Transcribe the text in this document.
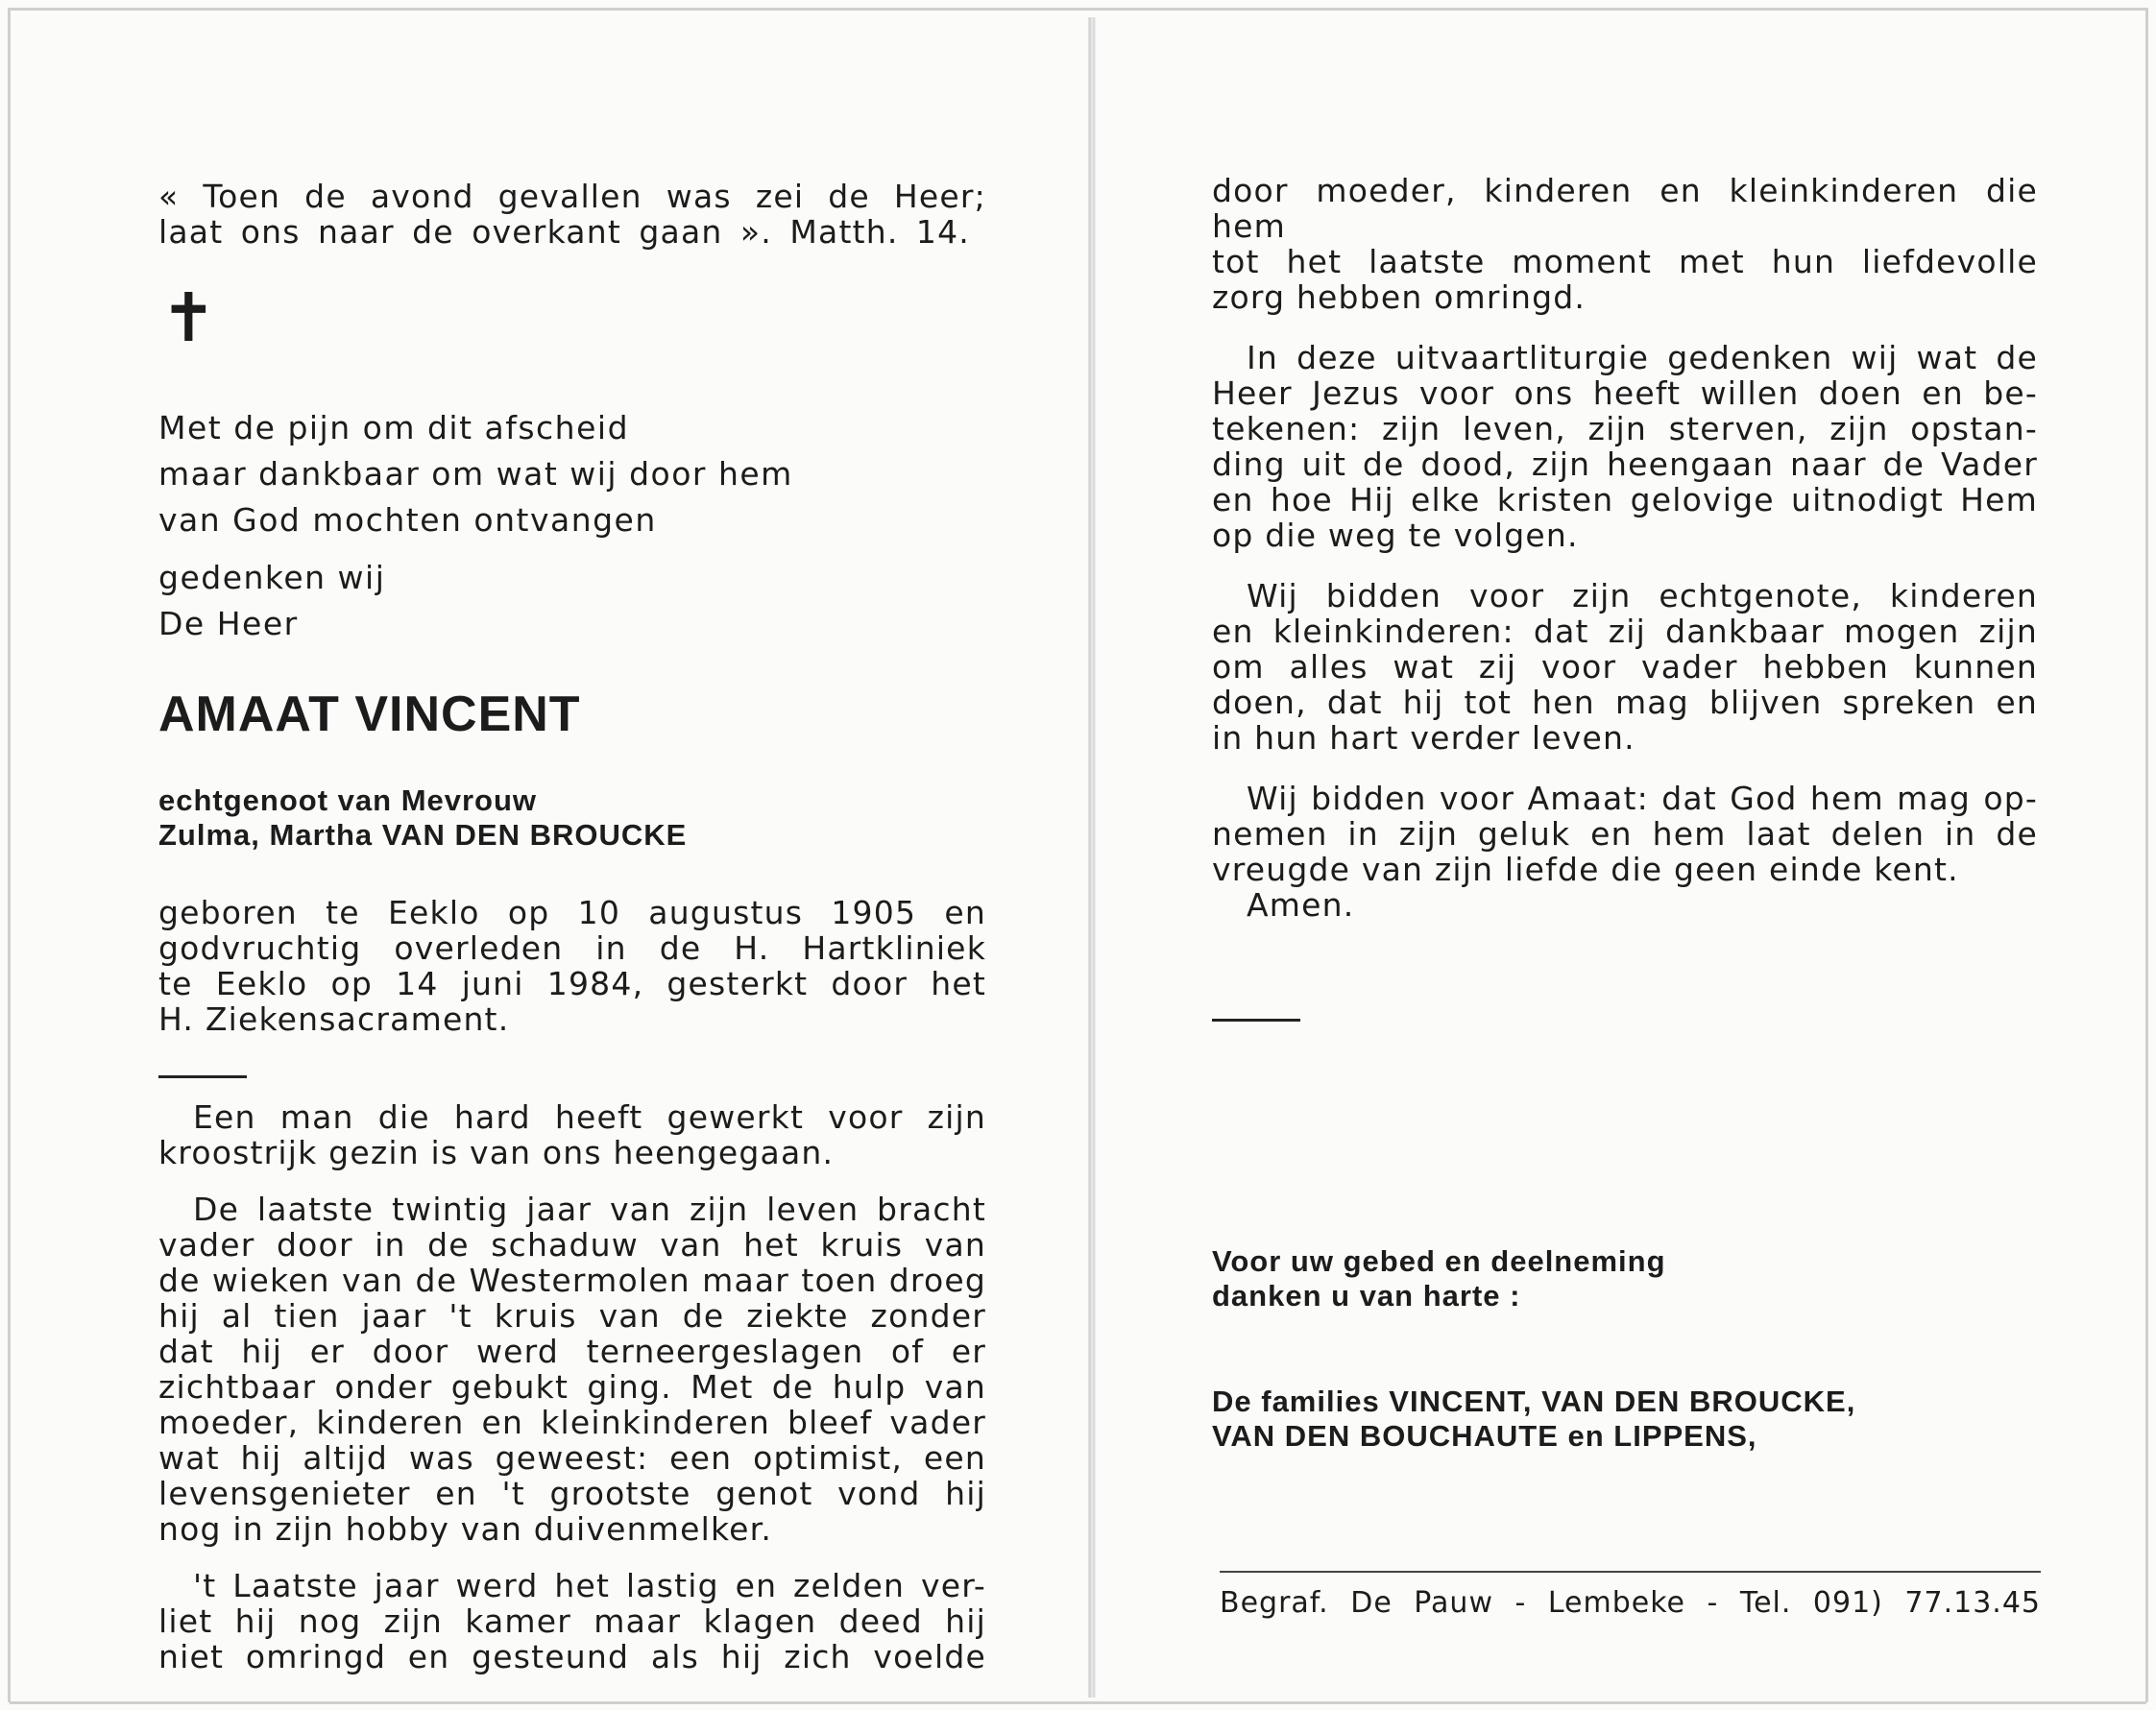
« Toen de avond gevallen was zei de Heer;

laat ons naar de overkant gaan ». Matth. 14.

✝

Met de pijn om dit afscheid

maar dankbaar om wat wij door hem

van God mochten ontvangen

gedenken wij

De Heer

AMAAT VINCENT
echtgenoot van Mevrouw
Zulma, Martha VAN DEN BROUCKE

geboren te Eeklo op 10 augustus 1905 en

godvruchtig overleden in de H. Hartkliniek

te Eeklo op 14 juni 1984, gesterkt door het

H. Ziekensacrament.

Een man die hard heeft gewerkt voor zijn

kroostrijk gezin is van ons heengegaan.

De laatste twintig jaar van zijn leven bracht

vader door in de schaduw van het kruis van

de wieken van de Westermolen maar toen droeg

hij al tien jaar 't kruis van de ziekte zonder

dat hij er door werd terneergeslagen of er

zichtbaar onder gebukt ging. Met de hulp van

moeder, kinderen en kleinkinderen bleef vader

wat hij altijd was geweest: een optimist, een

levensgenieter en 't grootste genot vond hij

nog in zijn hobby van duivenmelker.

't Laatste jaar werd het lastig en zelden ver-

liet hij nog zijn kamer maar klagen deed hij

niet omringd en gesteund als hij zich voelde

door moeder, kinderen en kleinkinderen die hem

tot het laatste moment met hun liefdevolle

zorg hebben omringd.

In deze uitvaartliturgie gedenken wij wat de

Heer Jezus voor ons heeft willen doen en be-

tekenen: zijn leven, zijn sterven, zijn opstan-

ding uit de dood, zijn heengaan naar de Vader

en hoe Hij elke kristen gelovige uitnodigt Hem

op die weg te volgen.

Wij bidden voor zijn echtgenote, kinderen

en kleinkinderen: dat zij dankbaar mogen zijn

om alles wat zij voor vader hebben kunnen

doen, dat hij tot hen mag blijven spreken en

in hun hart verder leven.

Wij bidden voor Amaat: dat God hem mag op-

nemen in zijn geluk en hem laat delen in de

vreugde van zijn liefde die geen einde kent.

Amen.

Voor uw gebed en deelneming
danken u van harte :
De families VINCENT, VAN DEN BROUCKE,
VAN DEN BOUCHAUTE en LIPPENS,
Begraf. De Pauw - Lembeke - Tel. 091) 77.13.45
